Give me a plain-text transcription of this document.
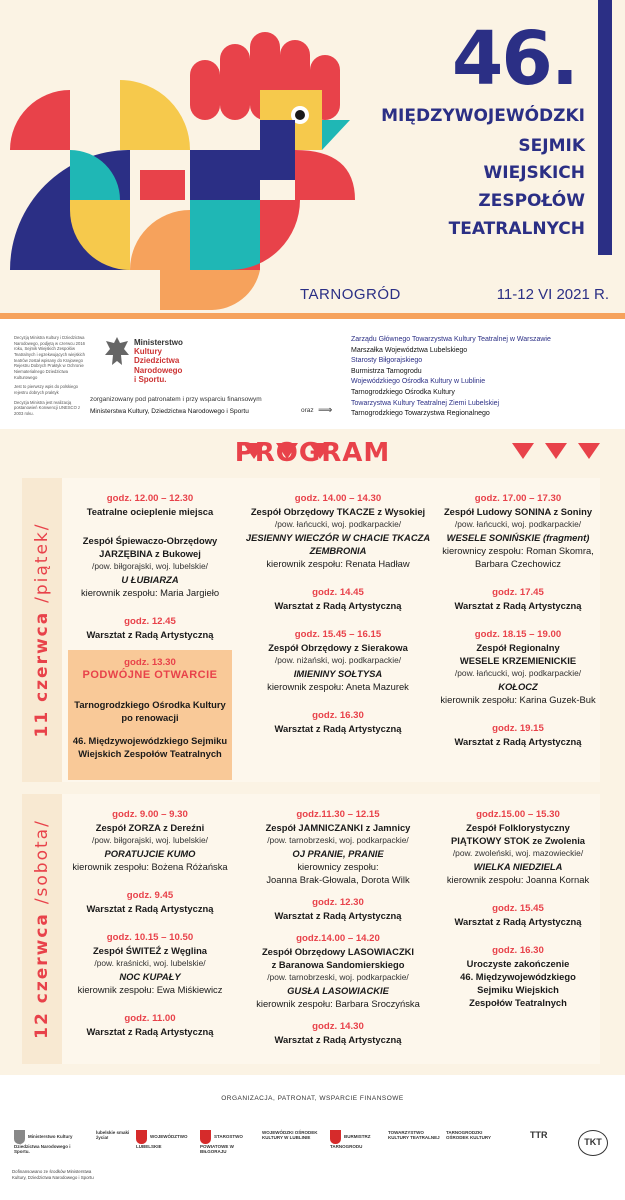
46.
MIĘDZYWOJEWÓDZKI
SEJMIK
WIEJSKICH
ZESPOŁÓW
TEATRALNYCH
TARNOGRÓD	11-12 VI 2021 R.

Decyzją Ministra Kultury i Dziedzictwa Narodowego, podjętą w czerwcu 2016 roku, Sejmik Wiejskich Zespołów Teatralnych i egzekwujących wiejskich teatrów został wpisany do Krajowego Rejestru Dobrych Praktyk w Ochronie Niematerialnego Dziedzictwa Kulturowego

Jest to pierwszy wpis do polskiego rejestru dobrych praktyk

Decyzja Ministra jest realizacją postanowień Konwencji UNESCO z 2003 roku.

Ministerstwo
Kultury
Dziedzictwa
Narodowego
i Sportu.
zorganizowany pod patronatem i przy wsparciu finansowym
Ministerstwa Kultury, Dziedzictwa Narodowego i Sportu	oraz ⟹
Zarządu Głównego Towarzystwa Kultury Teatralnej w Warszawie
Marszałka Województwa Lubelskiego
Starosty Biłgorajskiego
Burmistrza Tarnogrodu
Wojewódzkiego Ośrodka Kultury w Lublinie
Tarnogrodzkiego Ośrodka Kultury
Towarzystwa Kultury Teatralnej Ziemi Lubelskiej
Tarnogrodzkiego Towarzystwa Regionalnego
PROGRAM
11 czerwca /piątek/
godz. 12.00 – 12.30
Teatralne ocieplenie miejsca
Zespół Śpiewaczo-Obrzędowy
JARZĘBINA z Bukowej
/pow. biłgorajski, woj. lubelskie/
U ŁUBIARZA
kierownik zespołu: Maria Jargieło
godz. 12.45
Warsztat z Radą Artystyczną
godz. 13.30
PODWÓJNE OTWARCIE
Tarnogrodzkiego Ośrodka Kultury
po renowacji
46. Międzywojewódzkiego Sejmiku
Wiejskich Zespołów Teatralnych
godz. 14.00 – 14.30
Zespół Obrzędowy TKACZE z Wysokiej
/pow. łańcucki, woj. podkarpackie/
JESIENNY WIECZÓR W CHACIE TKACZA
ZEMBRONIA
kierownik zespołu: Renata Hadław
godz. 14.45
Warsztat z Radą Artystyczną
godz. 15.45 – 16.15
Zespół Obrzędowy z Sierakowa
/pow. niżański, woj. podkarpackie/
IMIENINY SOŁTYSA
kierownik zespołu: Aneta Mazurek
godz. 16.30
Warsztat z Radą Artystyczną
godz. 17.00 – 17.30
Zespół Ludowy SONINA z Soniny
/pow. łańcucki, woj. podkarpackie/
WESELE SONIŃSKIE (fragment)
kierownicy zespołu: Roman Skomra,
Barbara Czechowicz
godz. 17.45
Warsztat z Radą Artystyczną
godz. 18.15 – 19.00
Zespół Regionalny
WESELE KRZEMIENICKIE
/pow. łańcucki, woj. podkarpackie/
KOŁOCZ
kierownik zespołu: Karina Guzek-Buk
godz. 19.15
Warsztat z Radą Artystyczną
12 czerwca /sobota/
godz. 9.00 – 9.30
Zespół ZORZA z Dereźni
/pow. biłgorajski, woj. lubelskie/
PORATUJCIE KUMO
kierownik zespołu: Bożena Różańska
godz. 9.45
Warsztat z Radą Artystyczną
godz. 10.15 – 10.50
Zespół ŚWITEŹ z Węglina
/pow. kraśnicki, woj. lubelskie/
NOC KUPAŁY
kierownik zespołu: Ewa Miśkiewicz
godz. 11.00
Warsztat z Radą Artystyczną
godz.11.30 – 12.15
Zespół JAMNICZANKI z Jamnicy
/pow. tarnobrzeski, woj. podkarpackie/
OJ PRANIE, PRANIE
kierownicy zespołu:
Joanna Brak-Głowala, Dorota Wilk
godz. 12.30
Warsztat z Radą Artystyczną
godz.14.00 – 14.20
Zespół Obrzędowy LASOWIACZKI
z Baranowa Sandomierskiego
/pow. tarnobrzeski, woj. podkarpackie/
GUSŁA LASOWIACKIE
kierownik zespołu: Barbara Sroczyńska
godz. 14.30
Warsztat z Radą Artystyczną
godz.15.00 – 15.30
Zespół Folklorystyczny
PIĄTKOWY STOK ze Zwolenia
/pow. zwoleński, woj. mazowieckie/
WIELKA NIEDZIELA
kierownik zespołu: Joanna Kornak
godz. 15.45
Warsztat z Radą Artystyczną
godz. 16.30
Uroczyste zakończenie
46. Międzywojewódzkiego
Sejmiku Wiejskich
Zespołów Teatralnych
ORGANIZACJA, PATRONAT, WSPARCIE FINANSOWE
Ministerstwo Kultury Dziedzictwa Narodowego i Sportu.
lubelskie smaki życia!	WOJEWÓDZTWO LUBELSKIE
STAROSTWO POWIATOWE W BIŁGORAJU
WOJEWÓDZKI OŚRODEK KULTURY W LUBLINIE	BURMISTRZ TARNOGRODU
TOWARZYSTWO KULTURY TEATRALNEJ
TARNOGRODZKI OŚRODEK KULTURY	TTR
TKT
Dofinansowano ze środków Ministerstwa Kultury, Dziedzictwa Narodowego i Sportu
